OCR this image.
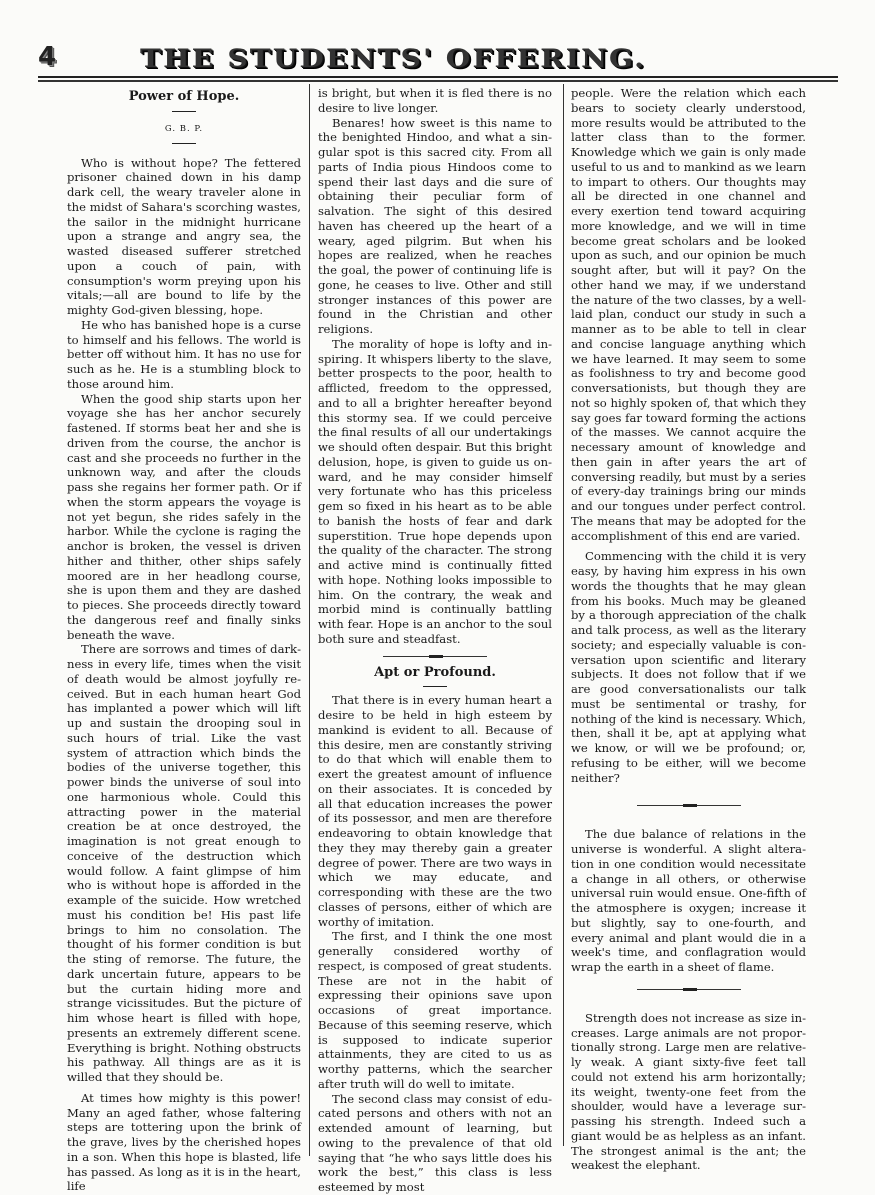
4	THE STUDENTS' OFFERING.
Power of Hope.
G. B. P.

Who is without hope? The fettered prisoner chained down in his damp dark cell, the weary traveler alone in the midst of Sahara's scorching wastes, the sailor in the midnight hurricane upon a strange and angry sea, the wasted diseased sufferer stretched upon a couch of pain, with consumption's worm preying upon his vitals;—all are bound to life by the mighty God-given blessing, hope.

He who has banished hope is a curse to himself and his fellows. The world is better off without him. It has no use for such as he. He is a stumbling block to those around him.

When the good ship starts upon her voyage she has her anchor securely fastened. If storms beat her and she is driven from the course, the anchor is cast and she proceeds no further in the unknown way, and after the clouds pass she regains her former path. Or if when the storm appears the voyage is not yet begun, she rides safely in the harbor. While the cyclone is raging the anchor is broken, the vessel is driven hither and thither, other ships safely moored are in her headlong course, she is upon them and they are dashed to pieces. She proceeds directly toward the dangerous reef and finally sinks beneath the wave.

There are sorrows and times of darkness in every life, times when the visit of death would be almost joyfully received. But in each human heart God has implanted a power which will lift up and sustain the drooping soul in such hours of trial. Like the vast system of attraction which binds the bodies of the universe together, this power binds the universe of soul into one harmonious whole. Could this attracting power in the material creation be at once destroyed, the imagination is not great enough to conceive of the destruction which would follow. A faint glimpse of him who is without hope is afforded in the example of the suicide. How wretched must his condition be! His past life brings to him no consolation. The thought of his former condition is but the sting of remorse. The future, the dark uncertain future, appears to be but the curtain hiding more and strange vicissitudes. But the picture of him whose heart is filled with hope, presents an extremely different scene. Everything is bright. Nothing obstructs his pathway. All things are as it is willed that they should be.

At times how mighty is this power! Many an aged father, whose faltering steps are tottering upon the brink of the grave, lives by the cherished hopes in a son. When this hope is blasted, life has passed. As long as it is in the heart, life

is bright, but when it is fled there is no desire to live longer.

Benares! how sweet is this name to the benighted Hindoo, and what a singular spot is this sacred city. From all parts of India pious Hindoos come to spend their last days and die sure of obtaining their peculiar form of salvation. The sight of this desired haven has cheered up the heart of a weary, aged pilgrim. But when his hopes are realized, when he reaches the goal, the power of continuing life is gone, he ceases to live. Other and still stronger instances of this power are found in the Christian and other religions.

The morality of hope is lofty and inspiring. It whispers liberty to the slave, better prospects to the poor, health to afflicted, freedom to the oppressed, and to all a brighter hereafter beyond this stormy sea. If we could perceive the final results of all our undertakings we should often despair. But this bright delusion, hope, is given to guide us onward, and he may consider himself very fortunate who has this priceless gem so fixed in his heart as to be able to banish the hosts of fear and dark superstition. True hope depends upon the quality of the character. The strong and active mind is continually fitted with hope. Nothing looks impossible to him. On the contrary, the weak and morbid mind is continually battling with fear. Hope is an anchor to the soul both sure and steadfast.

Apt or Profound.

That there is in every human heart a desire to be held in high esteem by mankind is evident to all. Because of this desire, men are constantly striving to do that which will enable them to exert the greatest amount of influence on their associates. It is conceded by all that education increases the power of its possessor, and men are therefore endeavoring to obtain knowledge that they they may thereby gain a greater degree of power. There are two ways in which we may educate, and corresponding with these are the two classes of persons, either of which are worthy of imitation.

The first, and I think the one most generally considered worthy of respect, is composed of great students. These are not in the habit of expressing their opinions save upon occasions of great importance. Because of this seeming reserve, which is supposed to indicate superior attainments, they are cited to us as worthy patterns, which the searcher after truth will do well to imitate.

The second class may consist of educated persons and others with not an extended amount of learning, but owing to the prevalence of that old saying that “he who says little does his work the best,” this class is less esteemed by most

people. Were the relation which each bears to society clearly understood, more results would be attributed to the latter class than to the former. Knowledge which we gain is only made useful to us and to mankind as we learn to impart to others. Our thoughts may all be directed in one channel and every exertion tend toward acquiring more knowledge, and we will in time become great scholars and be looked upon as such, and our opinion be much sought after, but will it pay? On the other hand we may, if we understand the nature of the two classes, by a well-laid plan, conduct our study in such a manner as to be able to tell in clear and concise language anything which we have learned. It may seem to some as foolishness to try and become good conversationists, but though they are not so highly spoken of, that which they say goes far toward forming the actions of the masses. We cannot acquire the necessary amount of knowledge and then gain in after years the art of conversing readily, but must by a series of every-day trainings bring our minds and our tongues under perfect control. The means that may be adopted for the accomplishment of this end are varied.

Commencing with the child it is very easy, by having him express in his own words the thoughts that he may glean from his books. Much may be gleaned by a thorough appreciation of the chalk and talk process, as well as the literary society; and especially valuable is conversation upon scientific and literary subjects. It does not follow that if we are good conversationalists our talk must be sentimental or trashy, for nothing of the kind is necessary. Which, then, shall it be, apt at applying what we know, or will we be profound; or, refusing to be either, will we become neither?

The due balance of relations in the universe is wonderful. A slight alteration in one condition would necessitate a change in all others, or otherwise universal ruin would ensue. One-fifth of the atmosphere is oxygen; increase it but slightly, say to one-fourth, and every animal and plant would die in a week's time, and conflagration would wrap the earth in a sheet of flame.

Strength does not increase as size increases. Large animals are not proportionally strong. Large men are relatively weak. A giant sixty-five feet tall could not extend his arm horizontally; its weight, twenty-one feet from the shoulder, would have a leverage surpassing his strength. Indeed such a giant would be as helpless as an infant. The strongest animal is the ant; the weakest the elephant.
